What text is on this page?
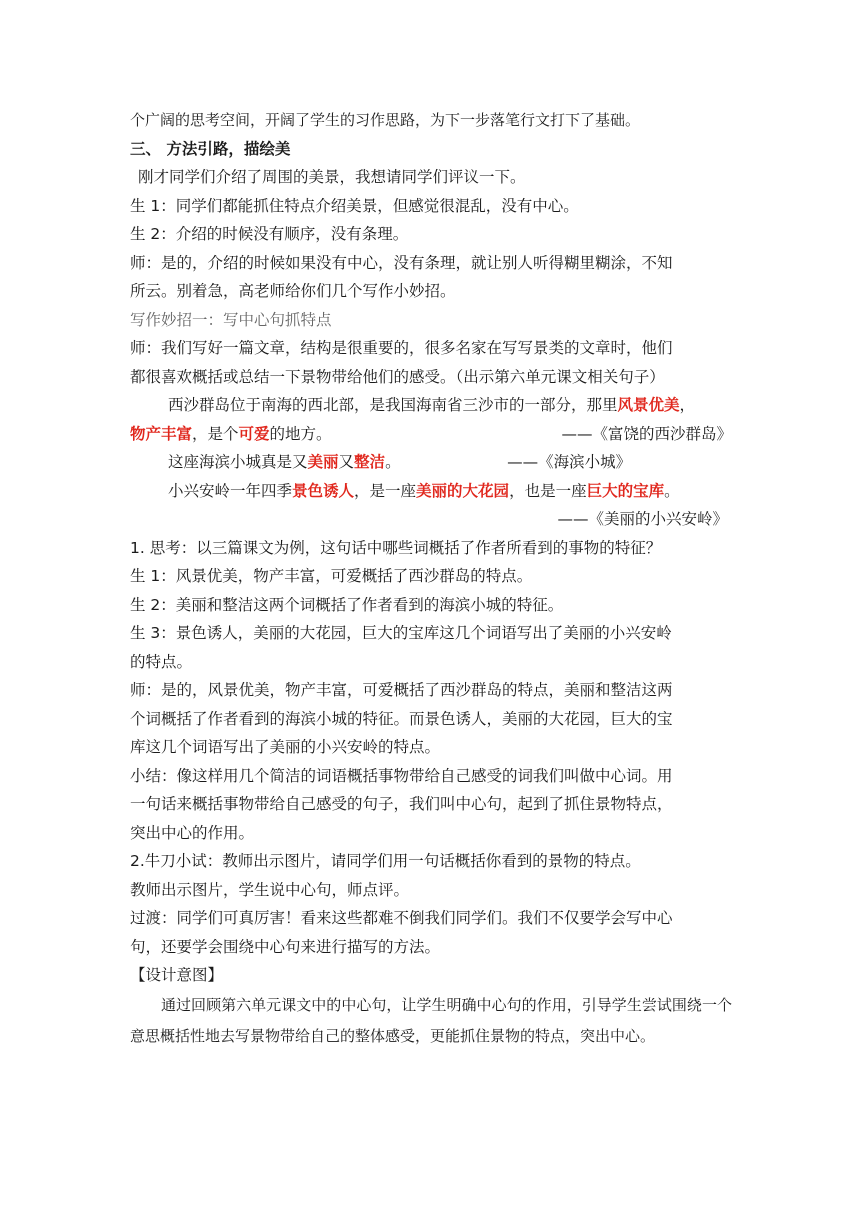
个广阔的思考空间，开阔了学生的习作思路，为下一步落笔行文打下了基础。
三、 方法引路，描绘美
刚才同学们介绍了周围的美景，我想请同学们评议一下。
生 1：同学们都能抓住特点介绍美景，但感觉很混乱，没有中心。
生 2：介绍的时候没有顺序，没有条理。
师：是的，介绍的时候如果没有中心，没有条理，就让别人听得糊里糊涂，不知
所云。别着急，高老师给你们几个写作小妙招。
写作妙招一：写中心句抓特点
师：我们写好一篇文章，结构是很重要的，很多名家在写写景类的文章时，他们
都很喜欢概括或总结一下景物带给他们的感受。（出示第六单元课文相关句子）
西沙群岛位于南海的西北部，是我国海南省三沙市的一部分，那里风景优美，
物产丰富，是个可爱的地方。	——《富饶的西沙群岛》
这座海滨小城真是又美丽又整洁。	——《海滨小城》
小兴安岭一年四季景色诱人，是一座美丽的大花园，也是一座巨大的宝库。
——《美丽的小兴安岭》
1. 思考：以三篇课文为例，这句话中哪些词概括了作者所看到的事物的特征？
生 1：风景优美，物产丰富，可爱概括了西沙群岛的特点。
生 2：美丽和整洁这两个词概括了作者看到的海滨小城的特征。
生 3：景色诱人，美丽的大花园，巨大的宝库这几个词语写出了美丽的小兴安岭
的特点。
师：是的，风景优美，物产丰富，可爱概括了西沙群岛的特点，美丽和整洁这两
个词概括了作者看到的海滨小城的特征。而景色诱人，美丽的大花园，巨大的宝
库这几个词语写出了美丽的小兴安岭的特点。
小结：像这样用几个简洁的词语概括事物带给自己感受的词我们叫做中心词。用
一句话来概括事物带给自己感受的句子，我们叫中心句，起到了抓住景物特点，
突出中心的作用。
2.牛刀小试：教师出示图片，请同学们用一句话概括你看到的景物的特点。
教师出示图片，学生说中心句，师点评。
过渡：同学们可真厉害！看来这些都难不倒我们同学们。我们不仅要学会写中心
句，还要学会围绕中心句来进行描写的方法。
【设计意图】

通过回顾第六单元课文中的中心句，让学生明确中心句的作用，引导学生尝试围绕一个意思概括性地去写景物带给自己的整体感受，更能抓住景物的特点，突出中心。
